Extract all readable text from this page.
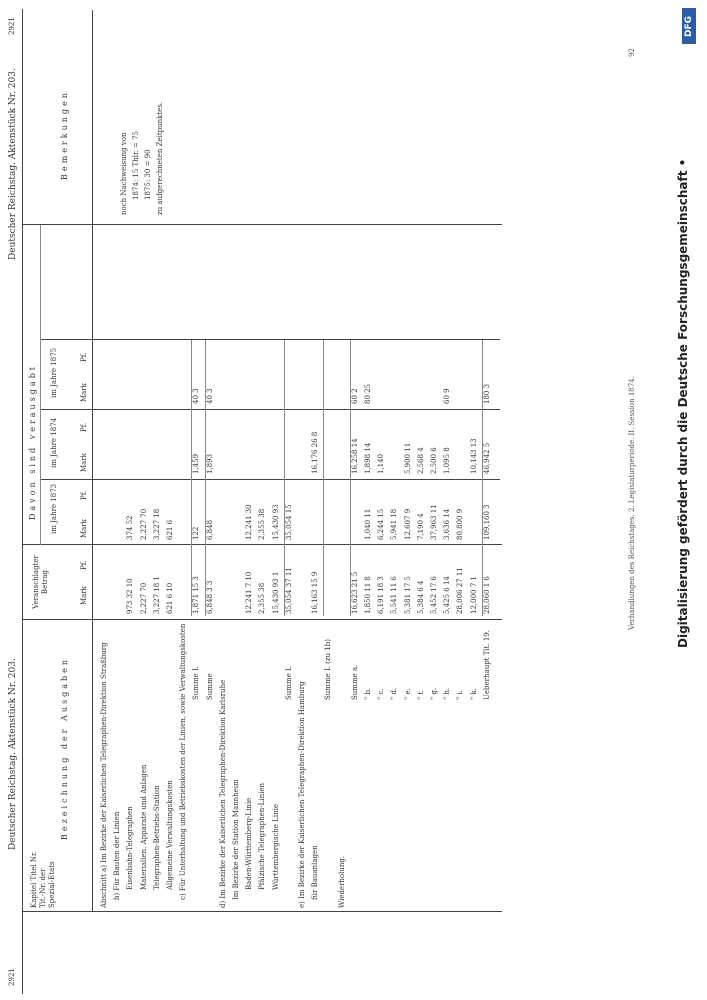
2921
Deutscher Reichstag. Aktenstück Nr. 203.
Deutscher Reichstag. Aktenstück Nr. 203.
2921
Kapitel Titel Nr. Tit.-Nr. der Spezial-Etats
Bezeichnung der Ausgaben
Veranschlagter Betrag
Mark
Pf.
Davon sind verausgabt im Jahre 1873
im Jahre 1874
im Jahre 1875
Mark
Pf.
Mark
Pf.
Mark
Pf.
Bemerkungen
Abschnitt a) Im Bezirke der Kaiserlichen Telegraphen-Direktion Straßburg b) Für Bauten der Linien Eisenbahn-Telegraphen
973 32 10
374 52
Materialien, Apparate und Anlagen
2,227 70
2,227 70
Telegraphen-Betriebs-Station
3,227 18 1
3,227 18
Allgemeine Verwaltungskosten
621 6 10
621 6
c) Für Unterhaltung und Betriebskosten der Linien, sowie Verwaltungskosten Summe I.
1,871 15 3
122
1,459
40 3
Summe
6,848 3 3
6,848
1,893
40 3
d) Im Bezirke der Kaiserlichen Telegraphen-Direktion Karlsruhe Im Bezirke der Station Mannheim Baden-Württemberg-Linie
12,241 7 10
12,241 30
Pfälzische Telegraphen-Linien
2,355 38
2,355 38
Württembergische Linie
15,430 93 1
15,430 93
Summe I.
35,054 37 11
35,054 15
e) Im Bezirke der Kaiserlichen Telegraphen-Direktion Hamburg für Bauanlagen
16,163 15 9
16,176 26 8
Summe I. (zu 1b)
Wiederholung.
Summe a.
16,623 21 5
16,258 14
60 2
" b.
1,850 11 8
1,040 11
1,898 14
80 25
" c.
6,191 18 3
6,244 15
1,140
" d.
5,541 11 6
5,941 18
" e.
5,381 17 5
12,607 9
5,900 11
" f.
5,384 6 4
7,190 4
2,568 4
" g.
5,452 17 6
37,963 11
2,500 6
" h.
5,425 6 14
3,636 14
1,095 8
60 9
" i.
28,006 27 11
80,800 9
" k.
12,000 7 1
10,143 13
Ueberhaupt Tit. 19.
28,060 1 6
109,160 3
46,942 5
180 3
noch Nachweisung von 1874: 15 Thlr. = 75 1875: 30 = 90 zu aufgerechneten Zeitpunktes.
Verhandlungen des Reichstages. 2. Legislaturperiode. II. Session 1874.
92
DFG
Digitalisierung gefördert durch die Deutsche Forschungsgemeinschaft •
